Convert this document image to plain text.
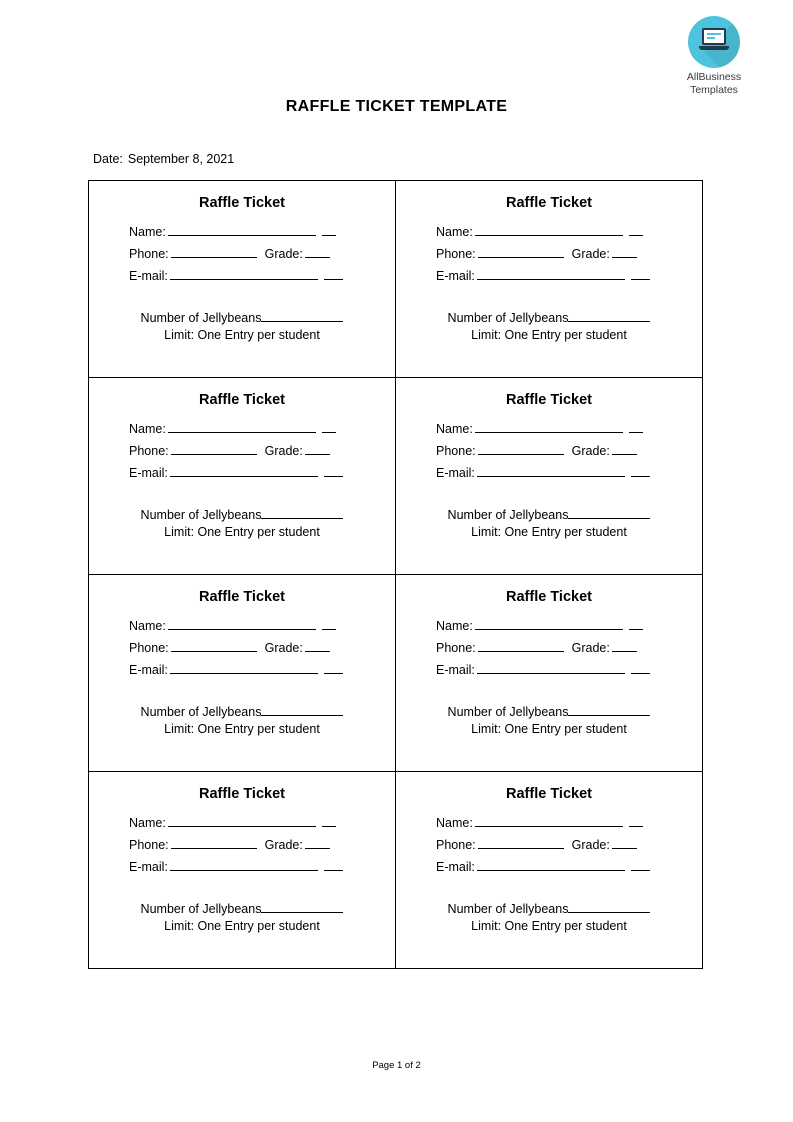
AllBusiness
Templates
RAFFLE TICKET TEMPLATE
Date: September 8, 2021
Raffle Ticket
Name:
Phone:	Grade:
E-mail:
Number of Jellybeans
Limit: One Entry per student

Raffle Ticket
Name:
Phone:	Grade:
E-mail:
Number of Jellybeans
Limit: One Entry per student

Raffle Ticket
Name:
Phone:	Grade:
E-mail:
Number of Jellybeans
Limit: One Entry per student

Raffle Ticket
Name:
Phone:	Grade:
E-mail:
Number of Jellybeans
Limit: One Entry per student

Raffle Ticket
Name:
Phone:	Grade:
E-mail:
Number of Jellybeans
Limit: One Entry per student

Raffle Ticket
Name:
Phone:	Grade:
E-mail:
Number of Jellybeans
Limit: One Entry per student

Raffle Ticket
Name:
Phone:	Grade:
E-mail:
Number of Jellybeans
Limit: One Entry per student

Raffle Ticket
Name:
Phone:	Grade:
E-mail:
Number of Jellybeans
Limit: One Entry per student
Page 1 of 2
